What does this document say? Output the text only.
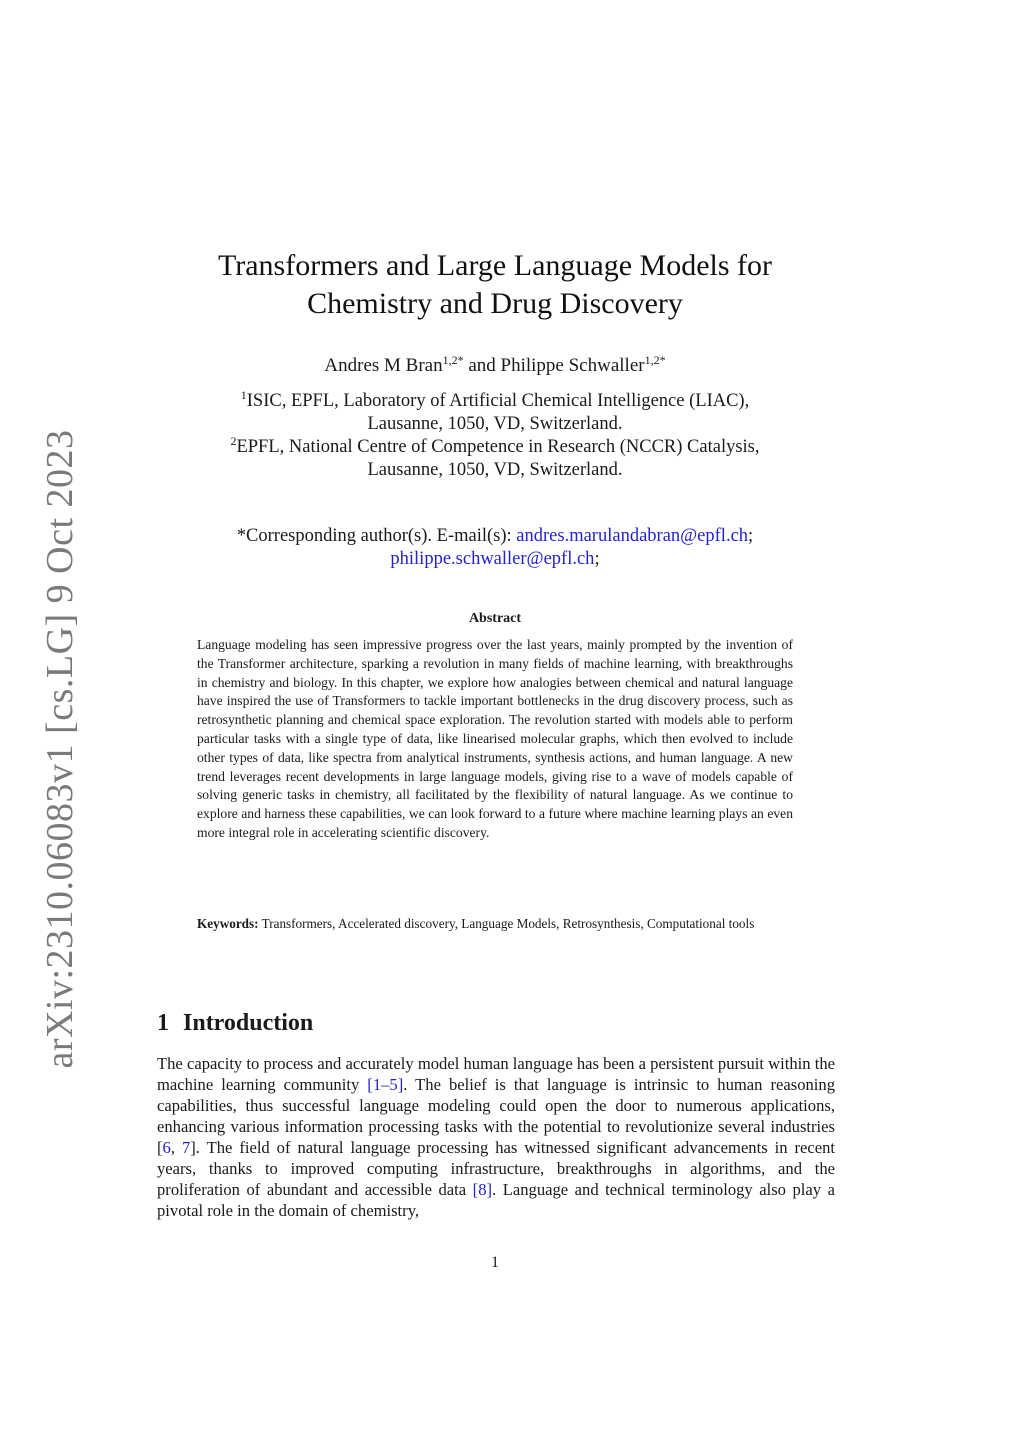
arXiv:2310.06083v1 [cs.LG] 9 Oct 2023
Transformers and Large Language Models for
Chemistry and Drug Discovery
Andres M Bran$^{1,2*}$ and Philippe Schwaller$^{1,2*}$
$^1$ISIC, EPFL, Laboratory of Artificial Chemical Intelligence (LIAC),
Lausanne, 1050, VD, Switzerland.
$^2$EPFL, National Centre of Competence in Research (NCCR) Catalysis,
Lausanne, 1050, VD, Switzerland.
*Corresponding author(s). E-mail(s): andres.marulandabran@epfl.ch;
philippe.schwaller@epfl.ch;
Abstract

Language modeling has seen impressive progress over the last years, mainly prompted by the invention of the Transformer architecture, sparking a revolution in many fields of machine learning, with breakthroughs in chemistry and biology. In this chapter, we explore how analogies between chemical and natural language have inspired the use of Transformers to tackle important bottlenecks in the drug discovery process, such as retrosynthetic planning and chemical space exploration. The revolution started with models able to perform particular tasks with a single type of data, like linearised molecular graphs, which then evolved to include other types of data, like spectra from analytical instruments, synthesis actions, and human language. A new trend leverages recent developments in large language models, giving rise to a wave of models capable of solving generic tasks in chemistry, all facilitated by the flexibility of natural language. As we continue to explore and harness these capabilities, we can look forward to a future where machine learning plays an even more integral role in accelerating scientific discovery.

Keywords: Transformers, Accelerated discovery, Language Models, Retrosynthesis, Computational tools

1 Introduction

The capacity to process and accurately model human language has been a persistent pursuit within the machine learning community [1–5]. The belief is that language is intrinsic to human reasoning capabilities, thus successful language modeling could open the door to numerous applications, enhancing various information processing tasks with the potential to revolutionize several industries [6, 7]. The field of natural language processing has witnessed significant advancements in recent years, thanks to improved computing infrastructure, breakthroughs in algorithms, and the proliferation of abundant and accessible data [8]. Language and technical terminology also play a pivotal role in the domain of chemistry,

1
